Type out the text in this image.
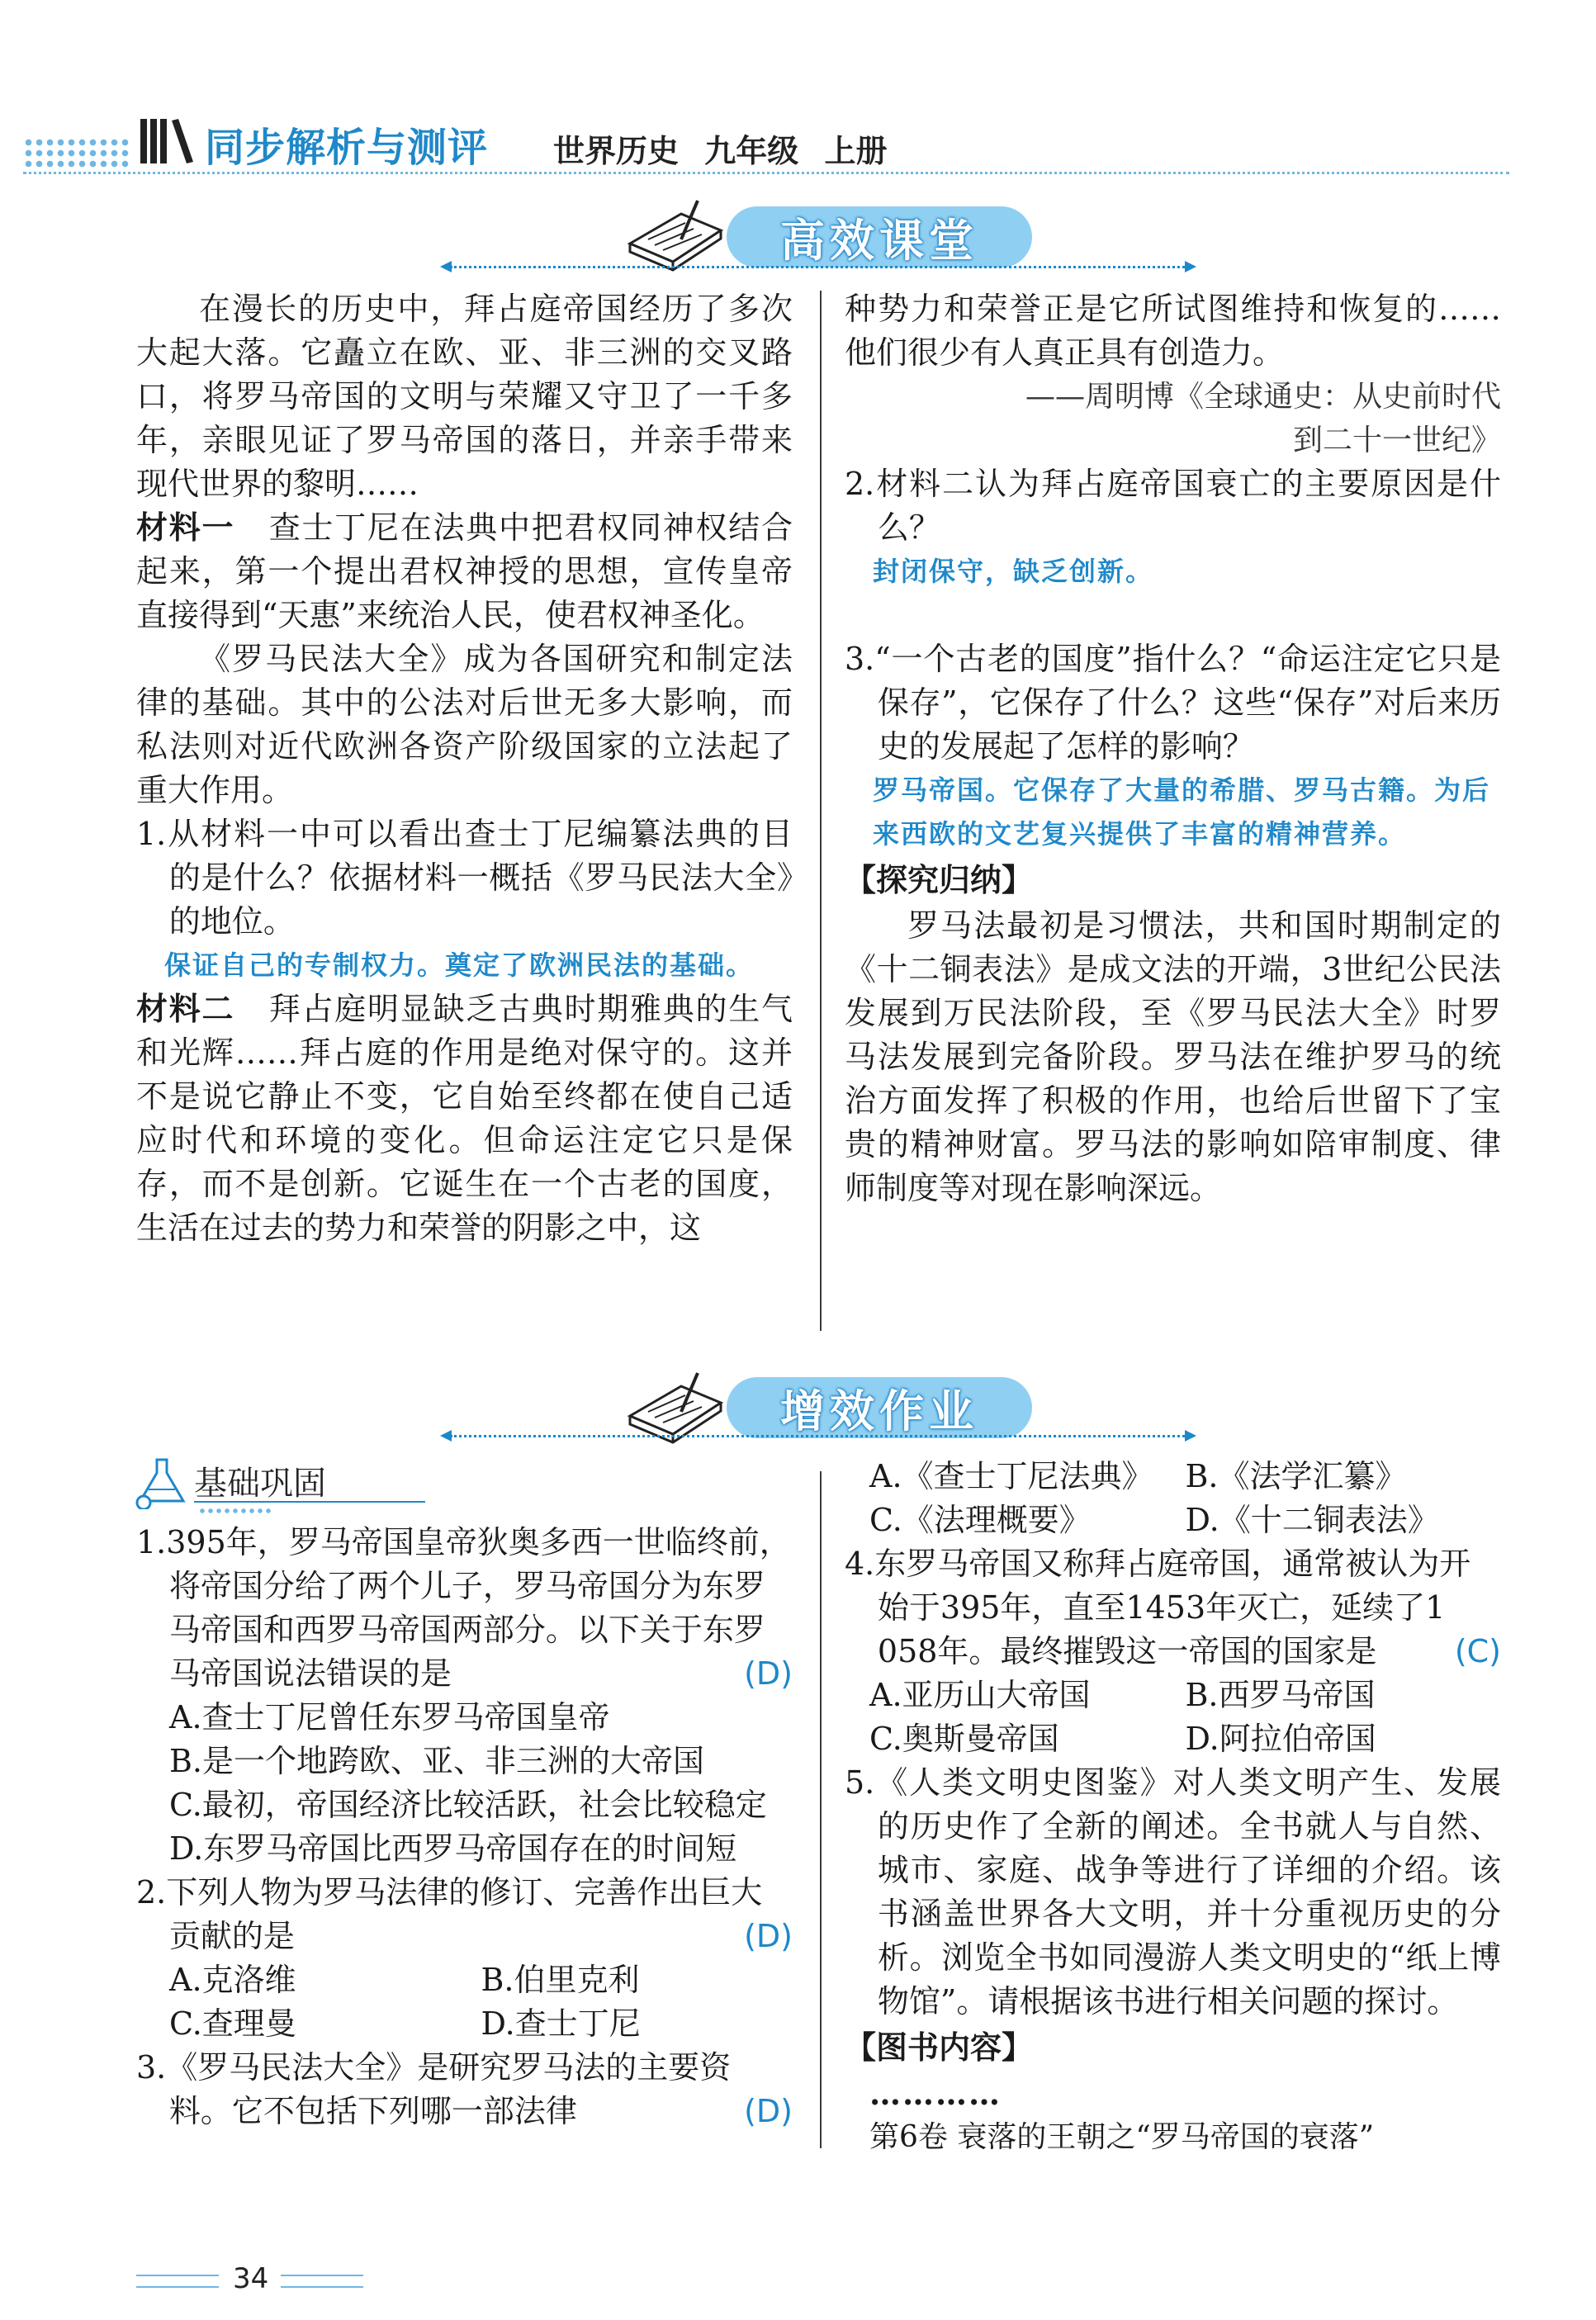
同步解析与测评 世界历史 九年级 上册
高效课堂

在漫长的历史中，拜占庭帝国经历了多次大起大落。它矗立在欧、亚、非三洲的交叉路口，将罗马帝国的文明与荣耀又守卫了一千多年，亲眼见证了罗马帝国的落日，并亲手带来现代世界的黎明……

材料一 查士丁尼在法典中把君权同神权结合起来，第一个提出君权神授的思想，宣传皇帝直接得到“天惠”来统治人民，使君权神圣化。

《罗马民法大全》成为各国研究和制定法律的基础。其中的公法对后世无多大影响，而私法则对近代欧洲各资产阶级国家的立法起了重大作用。

1.从材料一中可以看出查士丁尼编纂法典的目的是什么？依据材料一概括《罗马民法大全》的地位。

保证自己的专制权力。奠定了欧洲民法的基础。

材料二 拜占庭明显缺乏古典时期雅典的生气和光辉……拜占庭的作用是绝对保守的。这并不是说它静止不变，它自始至终都在使自己适应时代和环境的变化。但命运注定它只是保存，而不是创新。它诞生在一个古老的国度，生活在过去的势力和荣誉的阴影之中，这

种势力和荣誉正是它所试图维持和恢复的……他们很少有人真正具有创造力。

——周明博《全球通史：从史前时代

到二十一世纪》

2.材料二认为拜占庭帝国衰亡的主要原因是什么？

封闭保守，缺乏创新。

3.“一个古老的国度”指什么？“命运注定它只是保存”，它保存了什么？这些“保存”对后来历史的发展起了怎样的影响？

罗马帝国。它保存了大量的希腊、罗马古籍。为后来西欧的文艺复兴提供了丰富的精神营养。

【探究归纳】

罗马法最初是习惯法，共和国时期制定的《十二铜表法》是成文法的开端，3世纪公民法发展到万民法阶段，至《罗马民法大全》时罗马法发展到完备阶段。罗马法在维护罗马的统治方面发挥了积极的作用，也给后世留下了宝贵的精神财富。罗马法的影响如陪审制度、律师制度等对现在影响深远。

增效作业
基础巩固

1.395年，罗马帝国皇帝狄奥多西一世临终前，将帝国分给了两个儿子，罗马帝国分为东罗马帝国和西罗马帝国两部分。以下关于东罗马帝国说法错误的是	(D)

A.查士丁尼曾任东罗马帝国皇帝

B.是一个地跨欧、亚、非三洲的大帝国

C.最初，帝国经济比较活跃，社会比较稳定

D.东罗马帝国比西罗马帝国存在的时间短

2.下列人物为罗马法律的修订、完善作出巨大贡献的是	(D)

A.克洛维	B.伯里克利
C.查理曼	D.查士丁尼

3.《罗马民法大全》是研究罗马法的主要资料。它不包括下列哪一部法律	(D)

A.《查士丁尼法典》	B.《法学汇纂》
C.《法理概要》	D.《十二铜表法》

4.东罗马帝国又称拜占庭帝国，通常被认为开始于395年，直至1453年灭亡，延续了1 058年。最终摧毁这一帝国的国家是 (C)

A.亚历山大帝国	B.西罗马帝国
C.奥斯曼帝国	D.阿拉伯帝国

5.《人类文明史图鉴》对人类文明产生、发展的历史作了全新的阐述。全书就人与自然、城市、家庭、战争等进行了详细的介绍。该书涵盖世界各大文明，并十分重视历史的分析。浏览全书如同漫游人类文明史的“纸上博物馆”。请根据该书进行相关问题的探讨。

【图书内容】

…………

第6卷 衰落的王朝之“罗马帝国的衰落”

34
